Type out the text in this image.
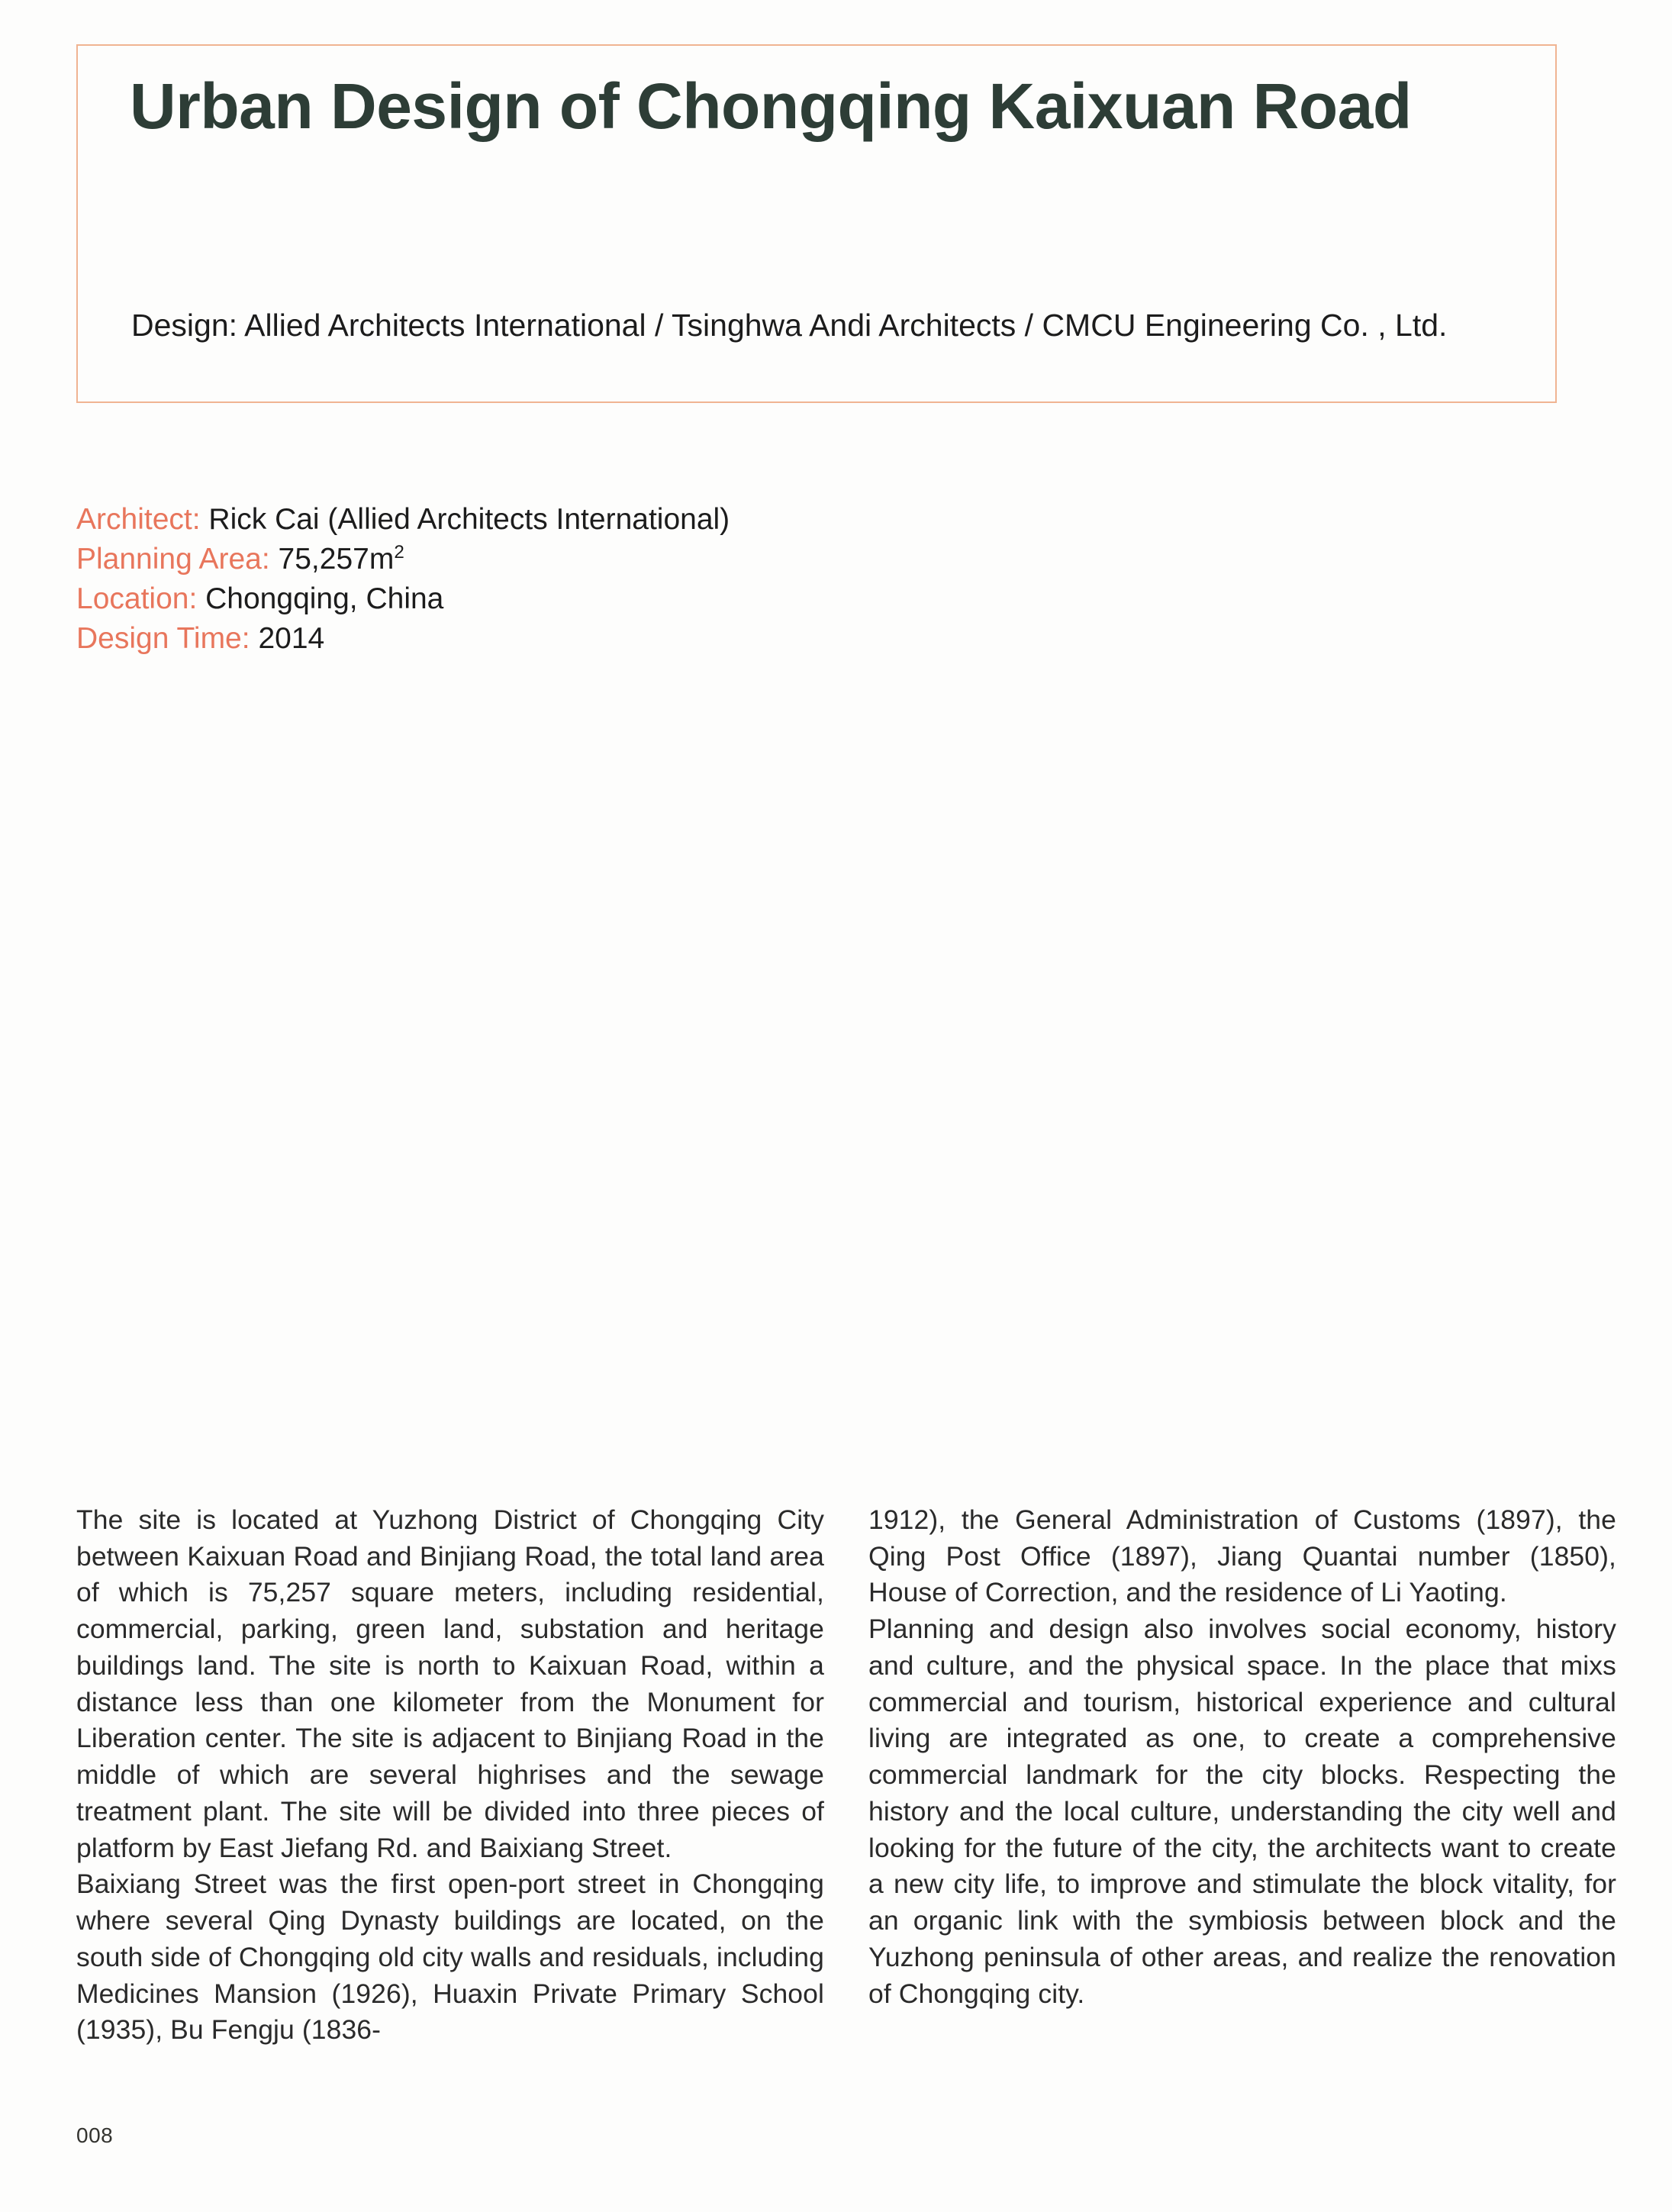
Urban Design of Chongqing Kaixuan Road

Design: Allied Architects International / Tsinghwa Andi Architects / CMCU Engineering Co. , Ltd.

Architect: Rick Cai (Allied Architects International)
Planning Area: $75,257m^2$
Location: Chongqing, China
Design Time: 2014

The site is located at Yuzhong District of Chongqing City between Kaixuan Road and Binjiang Road, the total land area of which is 75,257 square meters, including residential, commercial, parking, green land, substation and heritage buildings land. The site is north to Kaixuan Road, within a distance less than one kilometer from the Monument for Liberation center. The site is adjacent to Binjiang Road in the middle of which are several highrises and the sewage treatment plant. The site will be divided into three pieces of platform by East Jiefang Rd. and Baixiang Street.

Baixiang Street was the first open-port street in Chongqing where several Qing Dynasty buildings are located, on the south side of Chongqing old city walls and residuals, including Medicines Mansion (1926), Huaxin Private Primary School (1935), Bu Fengju (1836-

1912), the General Administration of Customs (1897), the Qing Post Office (1897), Jiang Quantai number (1850), House of Correction, and the residence of Li Yaoting.

Planning and design also involves social economy, history and culture, and the physical space. In the place that mixs commercial and tourism, historical experience and cultural living are integrated as one, to create a comprehensive commercial landmark for the city blocks. Respecting the history and the local culture, understanding the city well and looking for the future of the city, the architects want to create a new city life, to improve and stimulate the block vitality, for an organic link with the symbiosis between block and the Yuzhong peninsula of other areas, and realize the renovation of Chongqing city.

008
